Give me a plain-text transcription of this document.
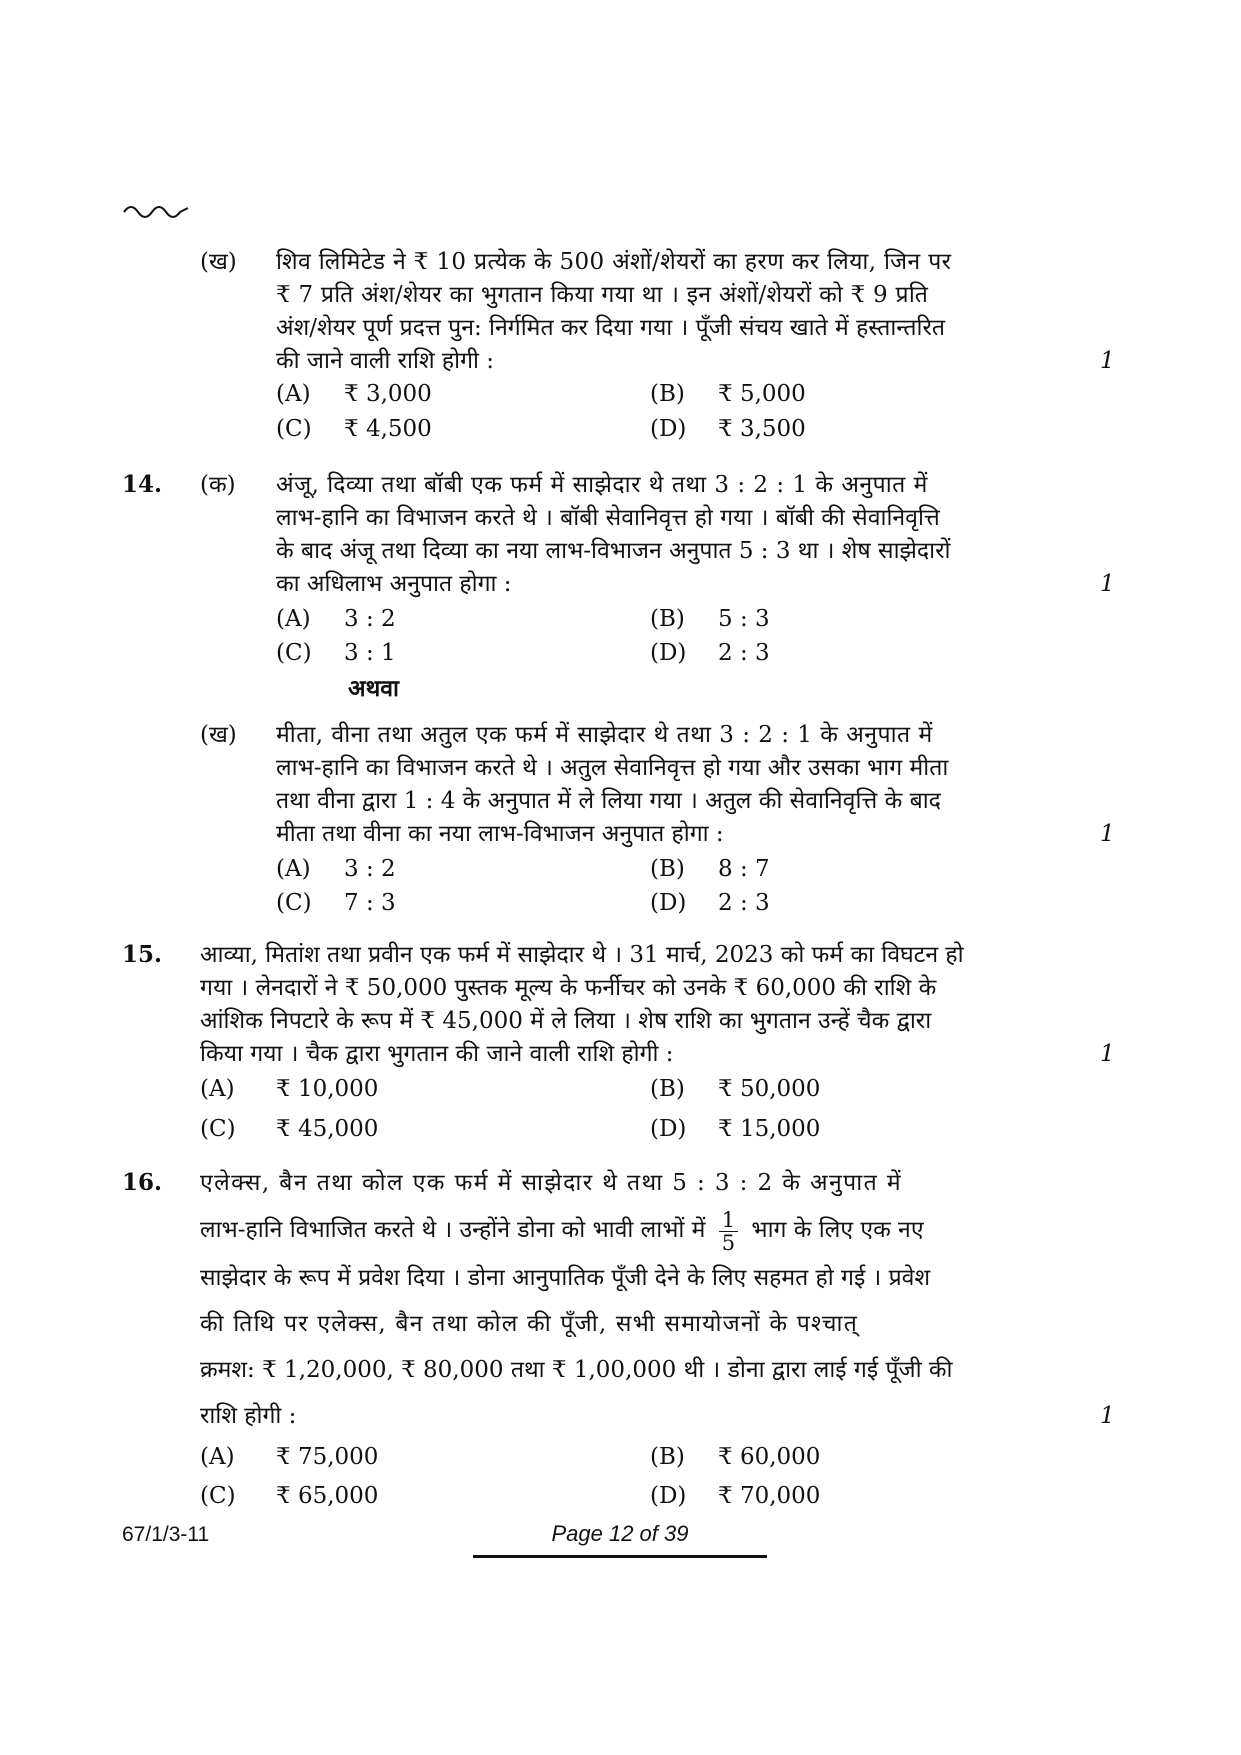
(ख) शिव लिमिटेड ने ₹ 10 प्रत्येक के 500 अंशों/शेयरों का हरण कर लिया, जिन पर
₹ 7 प्रति अंश/शेयर का भुगतान किया गया था । इन अंशों/शेयरों को ₹ 9 प्रति
अंश/शेयर पूर्ण प्रदत्त पुन: निर्गमित कर दिया गया । पूँजी संचय खाते में हस्तान्तरित
की जाने वाली राशि होगी :	1
(A) ₹ 3,000	(B) ₹ 5,000
(C) ₹ 4,500	(D) ₹ 3,500
14. (क) अंजू, दिव्या तथा बॉबी एक फर्म में साझेदार थे तथा 3 : 2 : 1 के अनुपात में
लाभ-हानि का विभाजन करते थे । बॉबी सेवानिवृत्त हो गया । बॉबी की सेवानिवृत्ति
के बाद अंजू तथा दिव्या का नया लाभ-विभाजन अनुपात 5 : 3 था । शेष साझेदारों
का अधिलाभ अनुपात होगा :	1
(A) 3 : 2	(B) 5 : 3
(C) 3 : 1	(D) 2 : 3
अथवा
(ख) मीता, वीना तथा अतुल एक फर्म में साझेदार थे तथा 3 : 2 : 1 के अनुपात में
लाभ-हानि का विभाजन करते थे । अतुल सेवानिवृत्त हो गया और उसका भाग मीता
तथा वीना द्वारा 1 : 4 के अनुपात में ले लिया गया । अतुल की सेवानिवृत्ति के बाद
मीता तथा वीना का नया लाभ-विभाजन अनुपात होगा :	1
(A) 3 : 2	(B) 8 : 7
(C) 7 : 3	(D) 2 : 3
15. आव्या, मितांश तथा प्रवीन एक फर्म में साझेदार थे । 31 मार्च, 2023 को फर्म का विघटन हो
गया । लेनदारों ने ₹ 50,000 पुस्तक मूल्य के फर्नीचर को उनके ₹ 60,000 की राशि के
आंशिक निपटारे के रूप में ₹ 45,000 में ले लिया । शेष राशि का भुगतान उन्हें चैक द्वारा
किया गया । चैक द्वारा भुगतान की जाने वाली राशि होगी :	1
(A) ₹ 10,000	(B) ₹ 50,000
(C) ₹ 45,000	(D) ₹ 15,000
16. एलेक्स, बैन तथा कोल एक फर्म में साझेदार थे तथा 5 : 3 : 2 के अनुपात में
लाभ-हानि विभाजित करते थे । उन्होंने डोना को भावी लाभों में $\frac{1}{5}$ भाग के लिए एक नए
साझेदार के रूप में प्रवेश दिया । डोना आनुपातिक पूँजी देने के लिए सहमत हो गई । प्रवेश
की तिथि पर एलेक्स, बैन तथा कोल की पूँजी, सभी समायोजनों के पश्चात्
क्रमश: ₹ 1,20,000, ₹ 80,000 तथा ₹ 1,00,000 थी । डोना द्वारा लाई गई पूँजी की
राशि होगी :	1
(A) ₹ 75,000	(B) ₹ 60,000
(C) ₹ 65,000	(D) ₹ 70,000
67/1/3-11	Page 12 of 39
